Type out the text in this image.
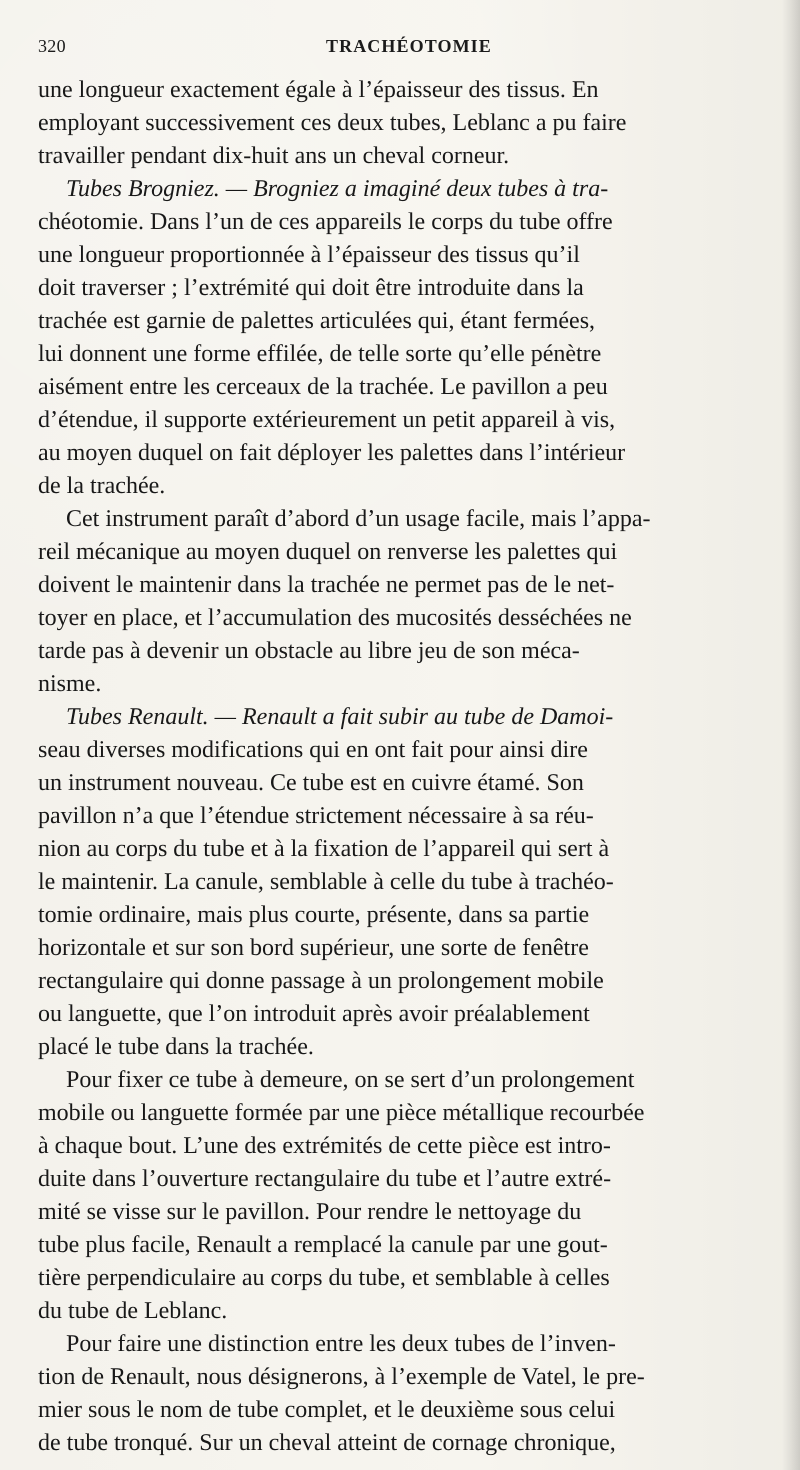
320	TRACHÉOTOMIE
une longueur exactement égale à l’épaisseur des tissus. En
employant successivement ces deux tubes, Leblanc a pu faire
travailler pendant dix-huit ans un cheval corneur.
Tubes Brogniez. — Brogniez a imaginé deux tubes à tra-
chéotomie. Dans l’un de ces appareils le corps du tube offre
une longueur proportionnée à l’épaisseur des tissus qu’il
doit traverser ; l’extrémité qui doit être introduite dans la
trachée est garnie de palettes articulées qui, étant fermées,
lui donnent une forme effilée, de telle sorte qu’elle pénètre
aisément entre les cerceaux de la trachée. Le pavillon a peu
d’étendue, il supporte extérieurement un petit appareil à vis,
au moyen duquel on fait déployer les palettes dans l’intérieur
de la trachée.
Cet instrument paraît d’abord d’un usage facile, mais l’appa-
reil mécanique au moyen duquel on renverse les palettes qui
doivent le maintenir dans la trachée ne permet pas de le net-
toyer en place, et l’accumulation des mucosités desséchées ne
tarde pas à devenir un obstacle au libre jeu de son méca-
nisme.
Tubes Renault. — Renault a fait subir au tube de Damoi-
seau diverses modifications qui en ont fait pour ainsi dire
un instrument nouveau. Ce tube est en cuivre étamé. Son
pavillon n’a que l’étendue strictement nécessaire à sa réu-
nion au corps du tube et à la fixation de l’appareil qui sert à
le maintenir. La canule, semblable à celle du tube à trachéo-
tomie ordinaire, mais plus courte, présente, dans sa partie
horizontale et sur son bord supérieur, une sorte de fenêtre
rectangulaire qui donne passage à un prolongement mobile
ou languette, que l’on introduit après avoir préalablement
placé le tube dans la trachée.
Pour fixer ce tube à demeure, on se sert d’un prolongement
mobile ou languette formée par une pièce métallique recourbée
à chaque bout. L’une des extrémités de cette pièce est intro-
duite dans l’ouverture rectangulaire du tube et l’autre extré-
mité se visse sur le pavillon. Pour rendre le nettoyage du
tube plus facile, Renault a remplacé la canule par une gout-
tière perpendiculaire au corps du tube, et semblable à celles
du tube de Leblanc.
Pour faire une distinction entre les deux tubes de l’inven-
tion de Renault, nous désignerons, à l’exemple de Vatel, le pre-
mier sous le nom de tube complet, et le deuxième sous celui
de tube tronqué. Sur un cheval atteint de cornage chronique,
